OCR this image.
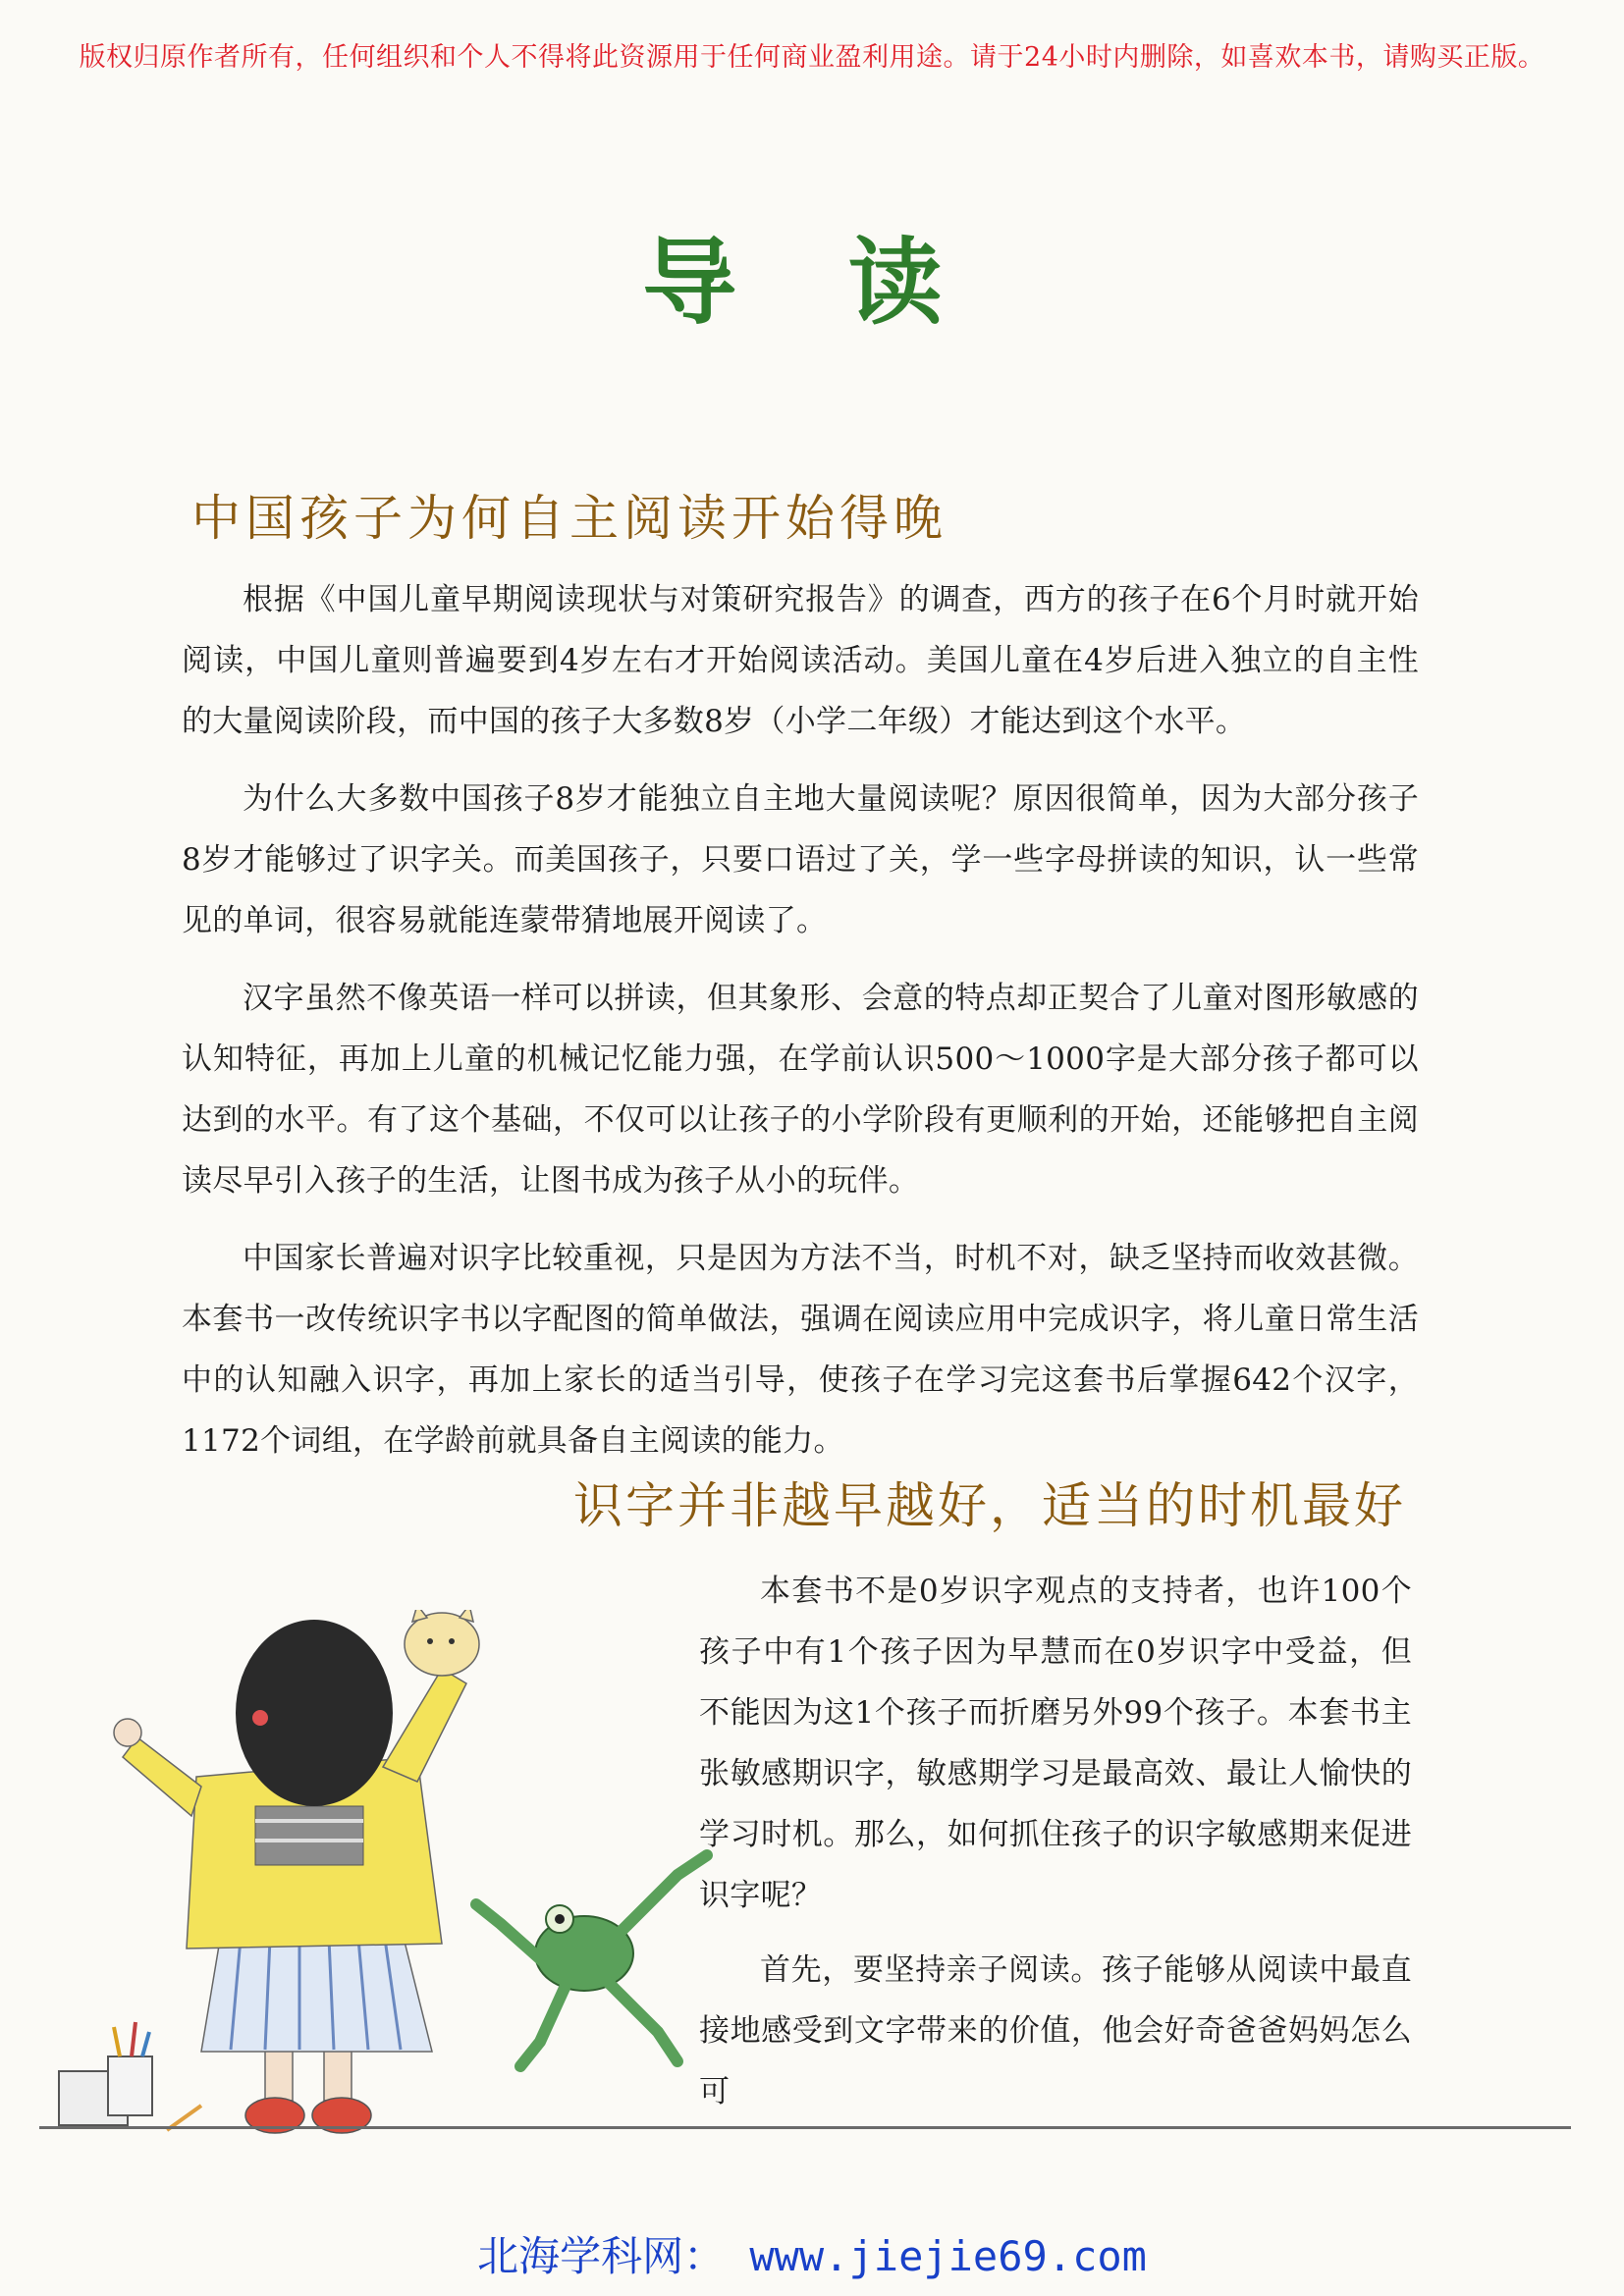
版权归原作者所有，任何组织和个人不得将此资源用于任何商业盈利用途。请于24小时内删除，如喜欢本书，请购买正版。
导 读
中国孩子为何自主阅读开始得晚

根据《中国儿童早期阅读现状与对策研究报告》的调查，西方的孩子在6个月时就开始阅读，中国儿童则普遍要到4岁左右才开始阅读活动。美国儿童在4岁后进入独立的自主性的大量阅读阶段，而中国的孩子大多数8岁（小学二年级）才能达到这个水平。

为什么大多数中国孩子8岁才能独立自主地大量阅读呢？原因很简单，因为大部分孩子8岁才能够过了识字关。而美国孩子，只要口语过了关，学一些字母拼读的知识，认一些常见的单词，很容易就能连蒙带猜地展开阅读了。

汉字虽然不像英语一样可以拼读，但其象形、会意的特点却正契合了儿童对图形敏感的认知特征，再加上儿童的机械记忆能力强，在学前认识500～1000字是大部分孩子都可以达到的水平。有了这个基础，不仅可以让孩子的小学阶段有更顺利的开始，还能够把自主阅读尽早引入孩子的生活，让图书成为孩子从小的玩伴。

中国家长普遍对识字比较重视，只是因为方法不当，时机不对，缺乏坚持而收效甚微。本套书一改传统识字书以字配图的简单做法，强调在阅读应用中完成识字，将儿童日常生活中的认知融入识字，再加上家长的适当引导，使孩子在学习完这套书后掌握642个汉字，1172个词组，在学龄前就具备自主阅读的能力。

识字并非越早越好，适当的时机最好

本套书不是0岁识字观点的支持者，也许100个孩子中有1个孩子因为早慧而在0岁识字中受益，但不能因为这1个孩子而折磨另外99个孩子。本套书主张敏感期识字，敏感期学习是最高效、最让人愉快的学习时机。那么，如何抓住孩子的识字敏感期来促进识字呢？

首先，要坚持亲子阅读。孩子能够从阅读中最直接地感受到文字带来的价值，他会好奇爸爸妈妈怎么可

北海学科网： www.jiejie69.com
